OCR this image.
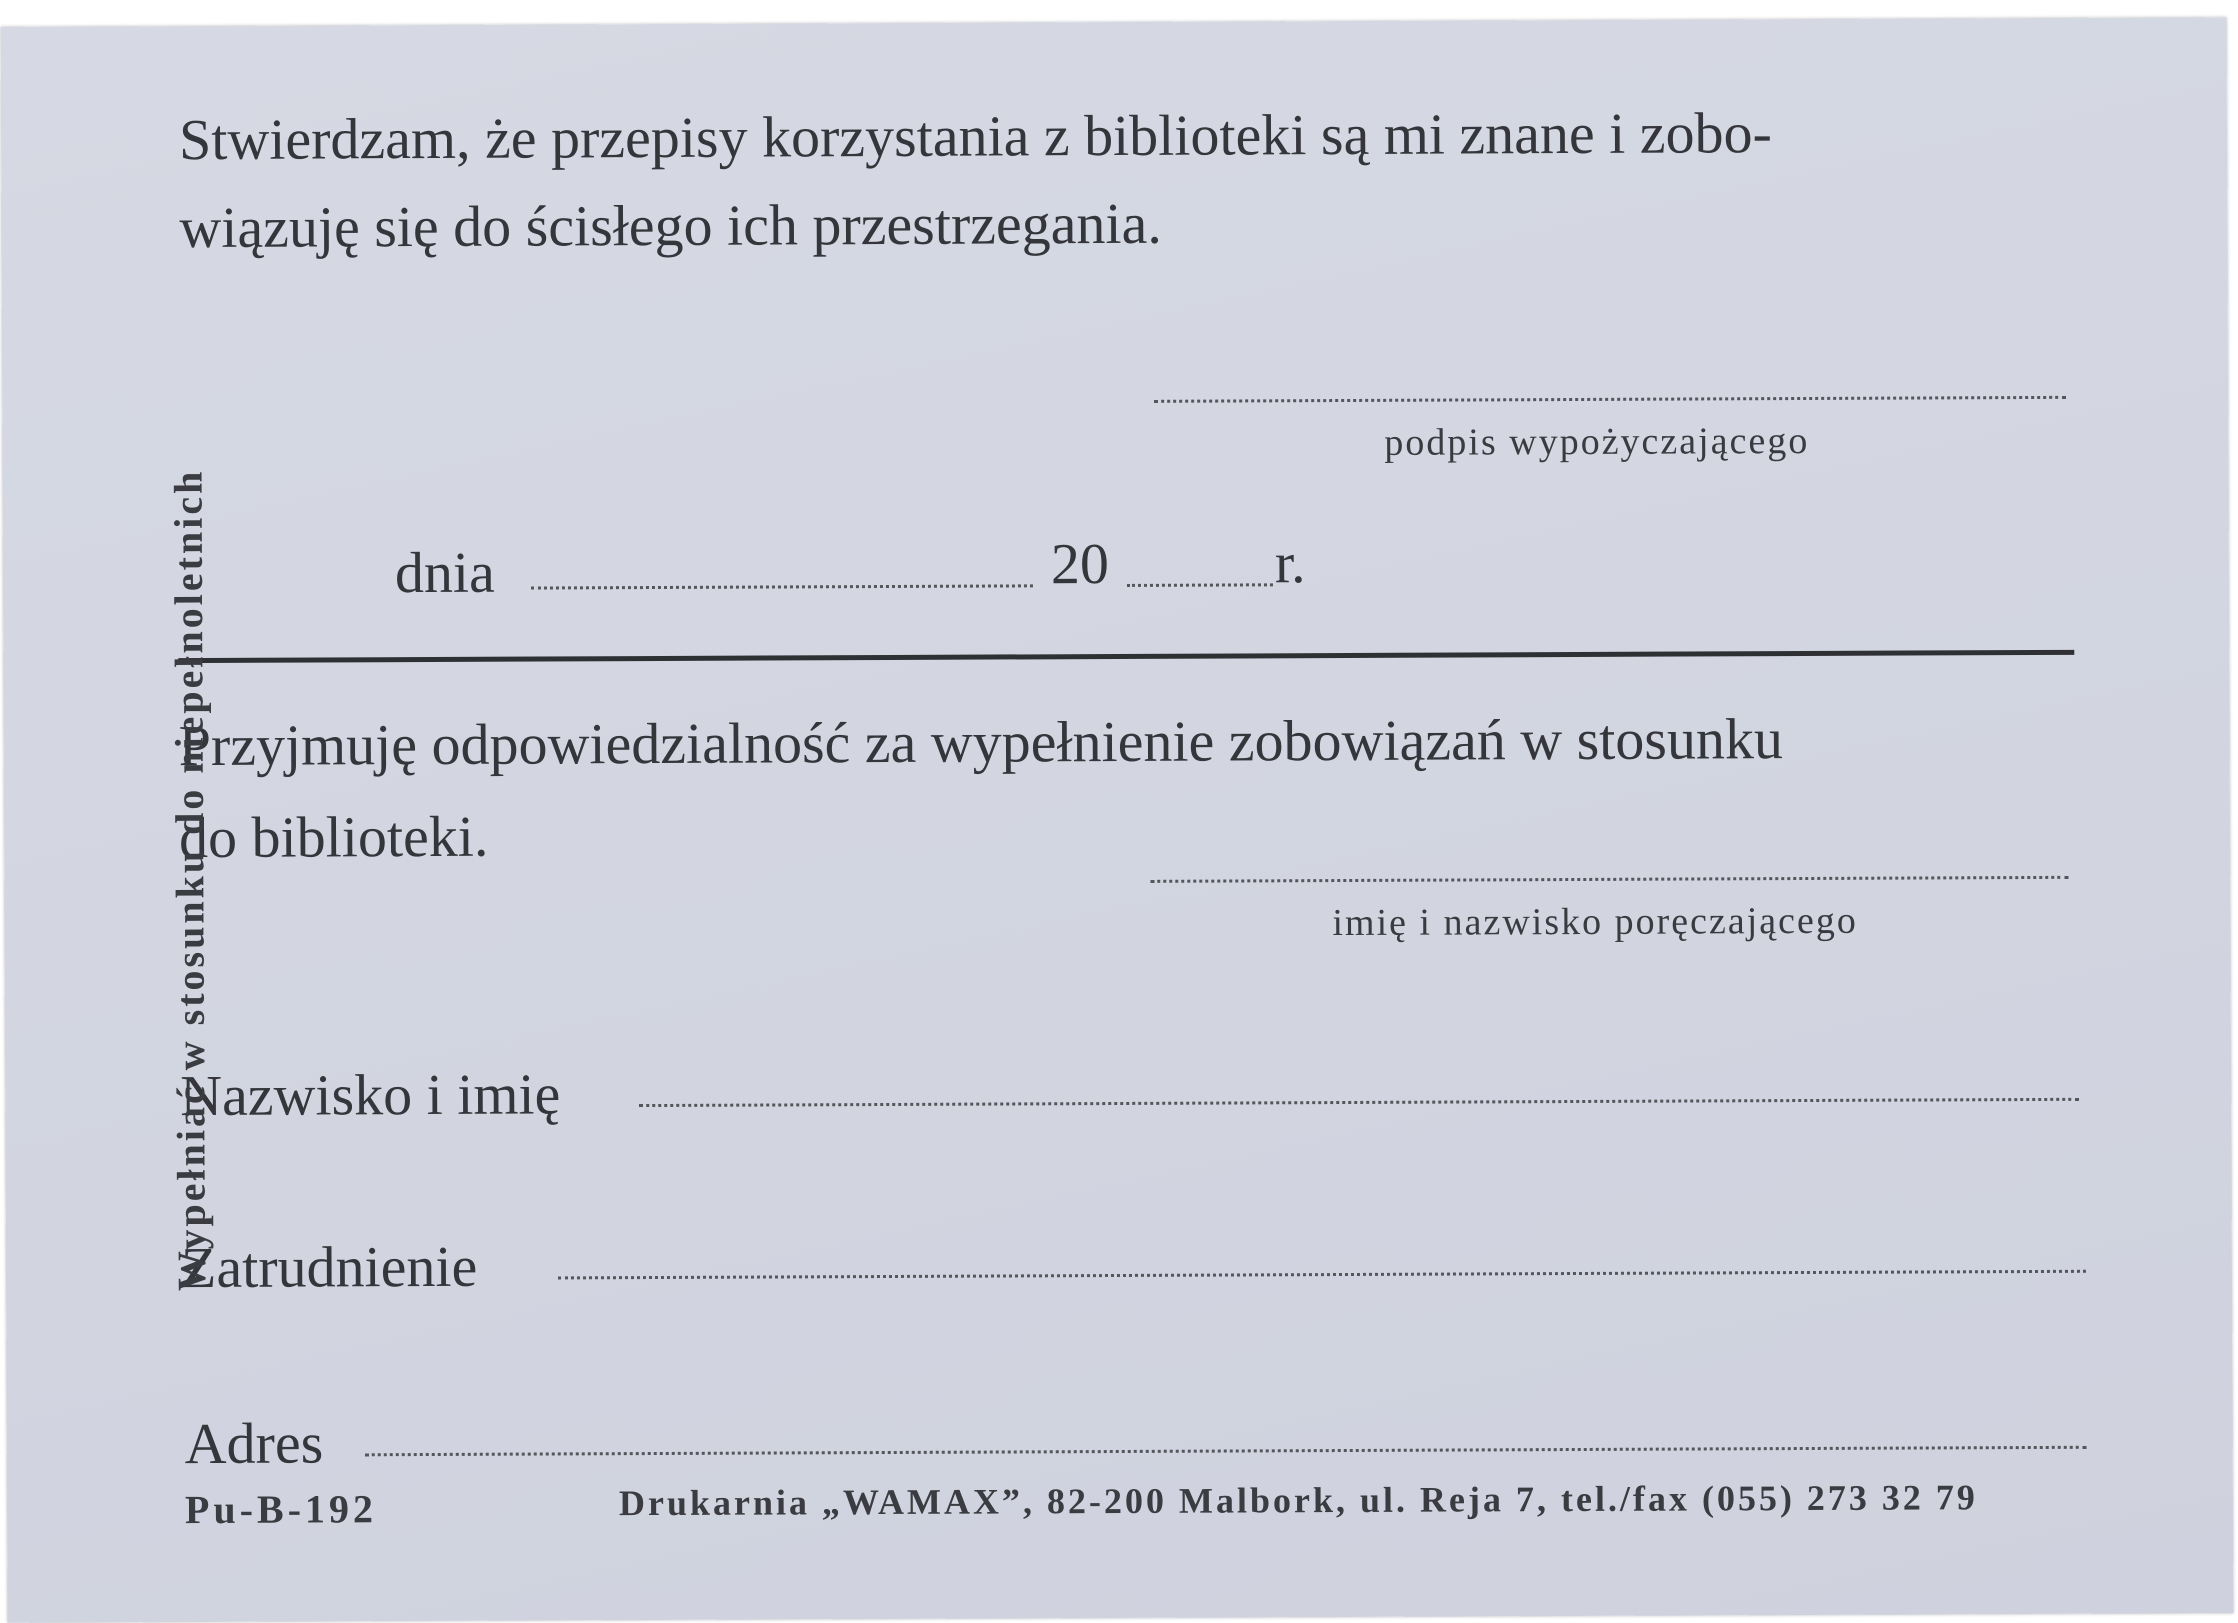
Stwierdzam, że przepisy korzystania z biblioteki są mi znane i zobo-
wiązuję się do ścisłego ich przestrzegania.
podpis wypożyczającego
dnia	20	r.
Przyjmuję odpowiedzialność za wypełnienie zobowiązań w stosunku
do biblioteki.
imię i nazwisko poręczającego
Nazwisko i imię
Zatrudnienie
Adres
Wypełniać w stosunku do niepełnoletnich
Pu-B-192	Drukarnia „WAMAX”, 82-200 Malbork, ul. Reja 7, tel./fax (055) 273 32 79
